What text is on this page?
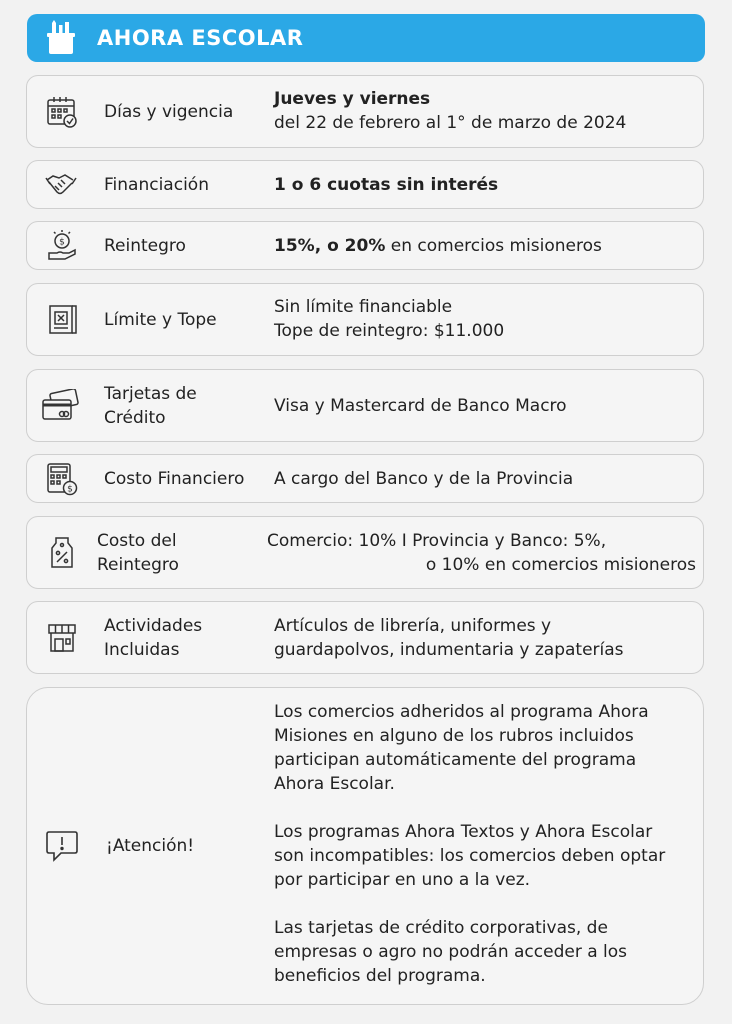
AHORA ESCOLAR
Días y vigencia
Jueves y viernes
del 22 de febrero al 1° de marzo de 2024
1 o 6 cuotas sin interés
Financiación
$ Reintegro	15%, o 20% en comercios misioneros
Límite y Tope
Sin límite financiable
Tope de reintegro: $11.000
Tarjetas de
Crédito
Visa y Mastercard de Banco Macro
$
Costo Financiero A cargo del Banco y de la Provincia
Costo del
Reintegro
Comercio: 10% I Provincia y Banco: 5%,
o 10% en comercios misioneros
Actividades
Incluidas
Artículos de librería, uniformes y
guardapolvos, indumentaria y zapaterías
¡Atención!
Los comercios adheridos al programa Ahora
Misiones en alguno de los rubros incluidos
participan automáticamente del programa
Ahora Escolar.
Los programas Ahora Textos y Ahora Escolar
son incompatibles: los comercios deben optar
por participar en uno a la vez.
Las tarjetas de crédito corporativas, de
empresas o agro no podrán acceder a los
beneficios del programa.
